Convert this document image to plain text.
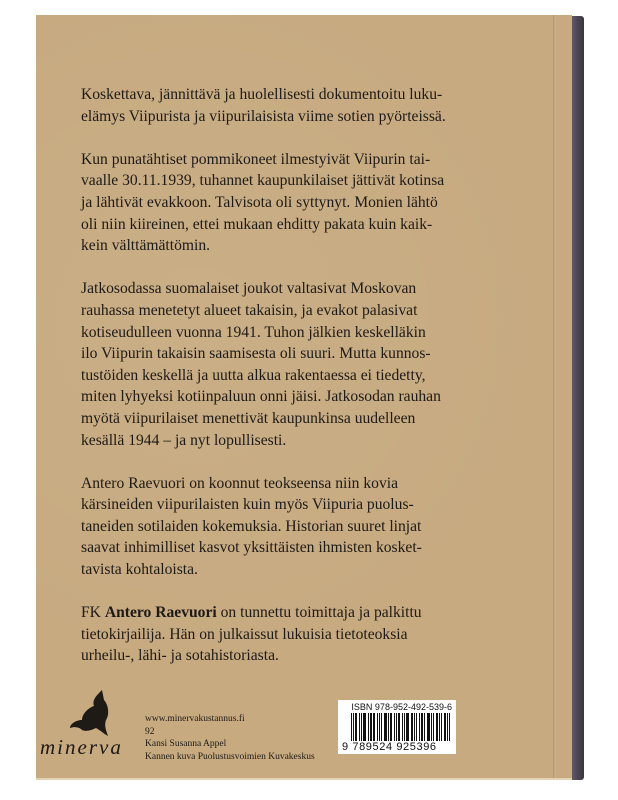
Koskettava, jännittävä ja huolellisesti dokumentoitu luku-
elämys Viipurista ja viipurilaisista viime sotien pyörteissä.
Kun punatähtiset pommikoneet ilmestyivät Viipurin tai-
vaalle 30.11.1939, tuhannet kaupunkilaiset jättivät kotinsa
ja lähtivät evakkoon. Talvisota oli syttynyt. Monien lähtö
oli niin kiireinen, ettei mukaan ehditty pakata kuin kaik-
kein välttämättömin.
Jatkosodassa suomalaiset joukot valtasivat Moskovan
rauhassa menetetyt alueet takaisin, ja evakot palasivat
kotiseudulleen vuonna 1941. Tuhon jälkien keskelläkin
ilo Viipurin takaisin saamisesta oli suuri. Mutta kunnos-
tustöiden keskellä ja uutta alkua rakentaessa ei tiedetty,
miten lyhyeksi kotiinpaluun onni jäisi. Jatkosodan rauhan
myötä viipurilaiset menettivät kaupunkinsa uudelleen
kesällä 1944 – ja nyt lopullisesti.
Antero Raevuori on koonnut teokseensa niin kovia
kärsineiden viipurilaisten kuin myös Viipuria puolus-
taneiden sotilaiden kokemuksia. Historian suuret linjat
saavat inhimilliset kasvot yksittäisten ihmisten kosket-
tavista kohtaloista.
FK Antero Raevuori on tunnettu toimittaja ja palkittu
tietokirjailija. Hän on julkaissut lukuisia tietoteoksia
urheilu-, lähi- ja sotahistoriasta.
minerva
www.minervakustannus.fi
92
Kansi Susanna Appel
Kannen kuva Puolustusvoimien Kuvakeskus
ISBN 978-952-492-539-6
9 789524 925396
